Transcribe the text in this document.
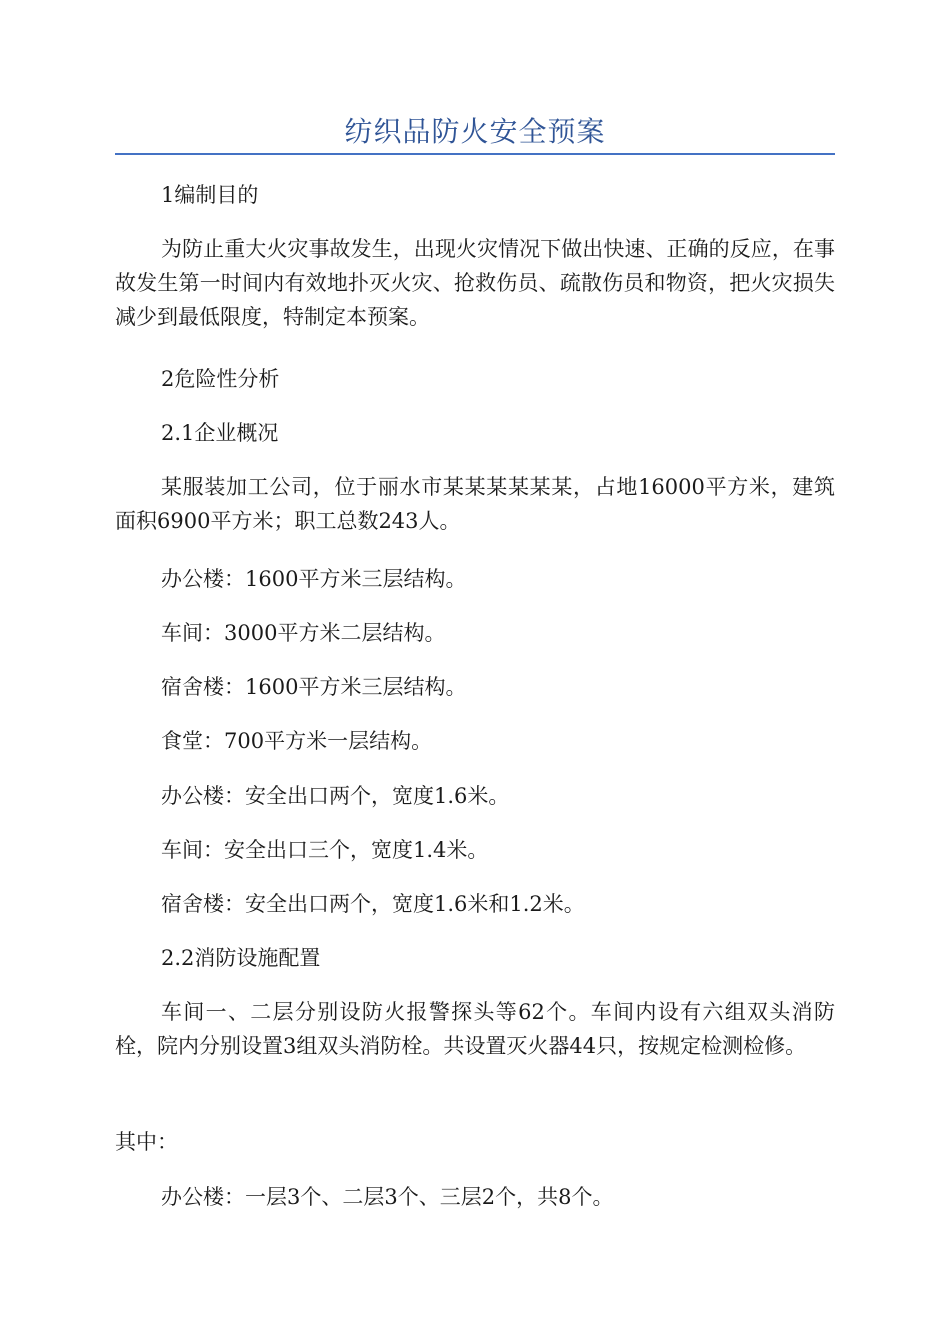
纺织品防火安全预案

1编制目的

为防止重大火灾事故发生，出现火灾情况下做出快速、正确的反应，在事故发生第一时间内有效地扑灭火灾、抢救伤员、疏散伤员和物资，把火灾损失减少到最低限度，特制定本预案。

2危险性分析

2.1企业概况

某服装加工公司，位于丽水市某某某某某某，占地16000平方米，建筑面积6900平方米；职工总数243人。

办公楼：1600平方米三层结构。

车间：3000平方米二层结构。

宿舍楼：1600平方米三层结构。

食堂：700平方米一层结构。

办公楼：安全出口两个，宽度1.6米。

车间：安全出口三个，宽度1.4米。

宿舍楼：安全出口两个，宽度1.6米和1.2米。

2.2消防设施配置

车间一、二层分别设防火报警探头等62个。车间内设有六组双头消防栓，院内分别设置3组双头消防栓。共设置灭火器44只，按规定检测检修。

其中：

办公楼：一层3个、二层3个、三层2个，共8个。
